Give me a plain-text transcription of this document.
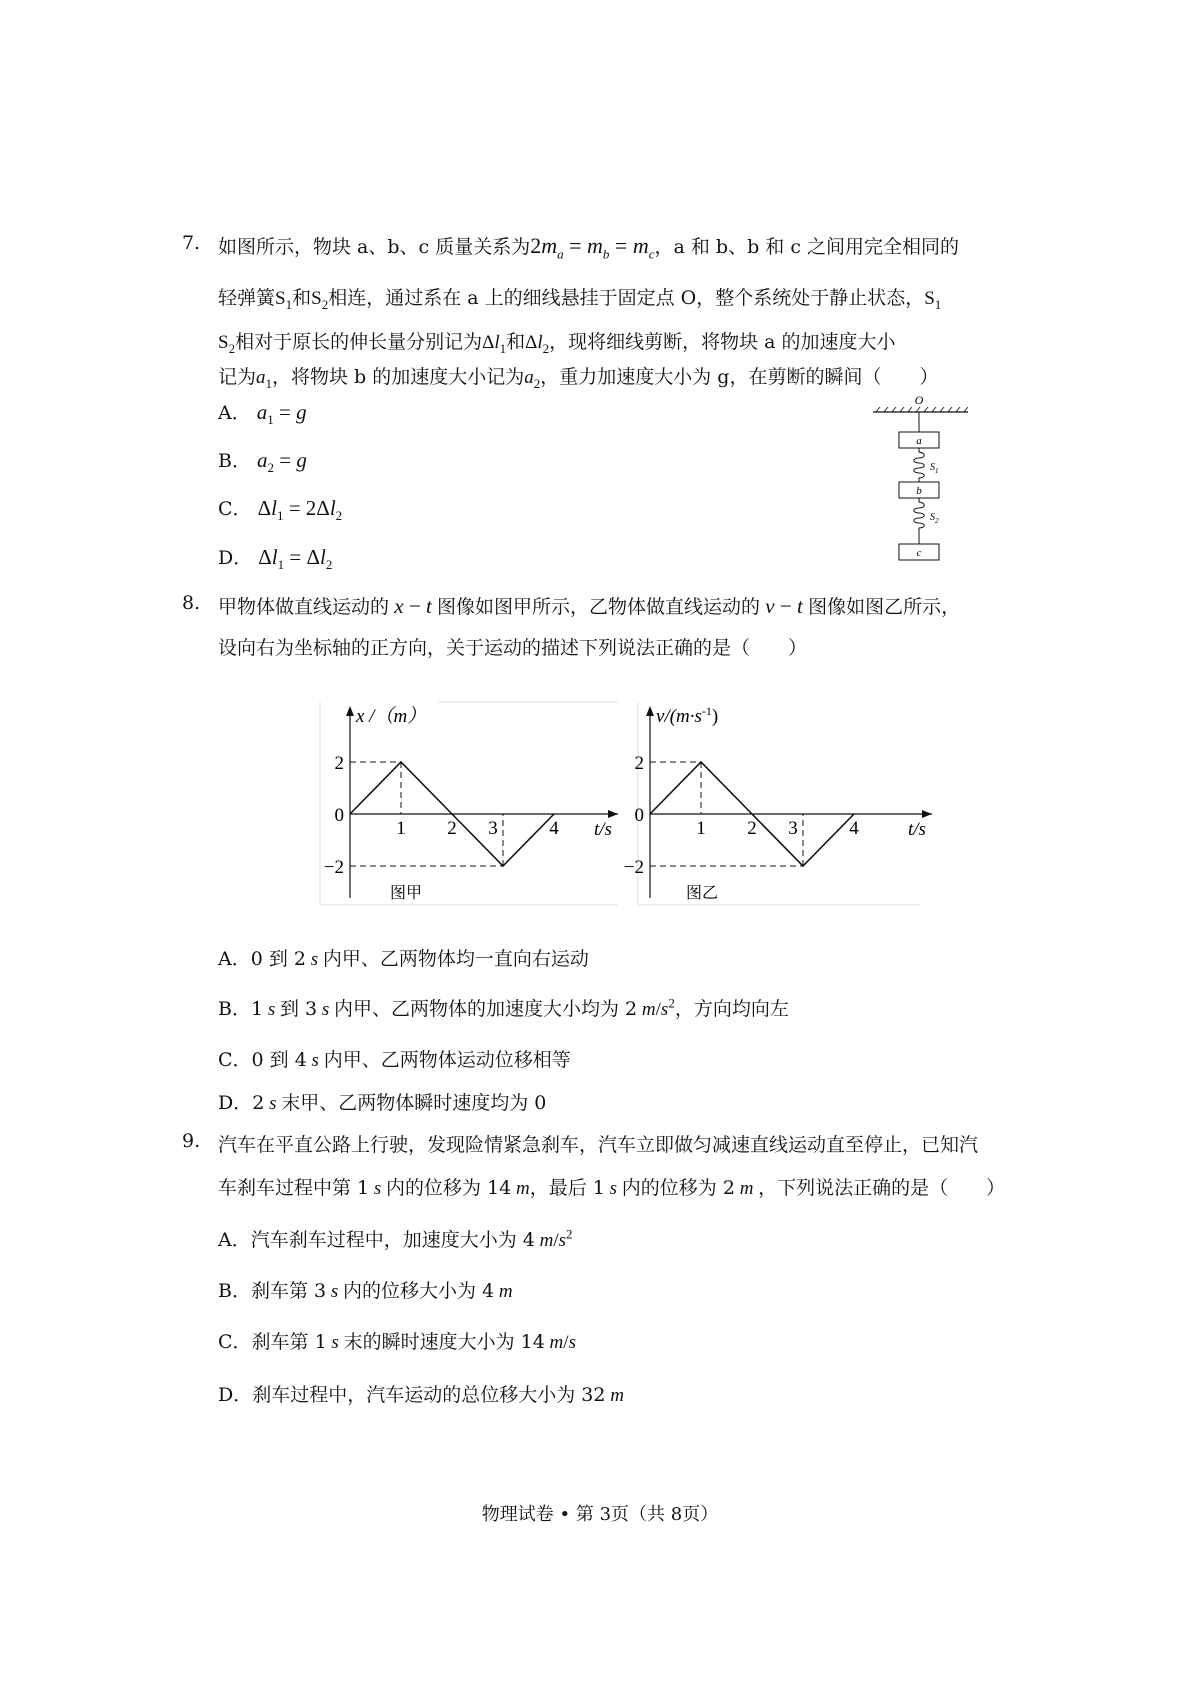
7. 如图所示，物块 a、b、c 质量关系为$2m_a = m_b = m_c$，a 和 b、b 和 c 之间用完全相同的
轻弹簧$S_1$和$S_2$相连，通过系在 a 上的细线悬挂于固定点 O，整个系统处于静止状态，$S_1$
$S_2$相对于原长的伸长量分别记为$\Delta l_1$和$\Delta l_2$，现将细线剪断，将物块 a 的加速度大小
记为$a_1$，将物块 b 的加速度大小记为$a_2$，重力加速度大小为 g，在剪断的瞬间（　　）
A． $a_1 = g$
B． $a_2 = g$
C． $\Delta l_1 = 2\Delta l_2$
D． $\Delta l_1 = \Delta l_2$
O
a
$S_1$
b
$S_2$
c
8. 甲物体做直线运动的 x − t 图像如图甲所示，乙物体做直线运动的 v − t 图像如图乙所示，
设向右为坐标轴的正方向，关于运动的描述下列说法正确的是（　　）
1 2 3	4
2
0
−2
x /（m）
t/s
图甲
1 2 3	4
2
0
−2
$v/(m\cdot s^{-1})$
t/s
图乙
A．0 到 2 s 内甲、乙两物体均一直向右运动
B．1 s 到 3 s 内甲、乙两物体的加速度大小均为 2 $m/s^2$，方向均向左
C．0 到 4 s 内甲、乙两物体运动位移相等
D．2 s 末甲、乙两物体瞬时速度均为 0
9. 汽车在平直公路上行驶，发现险情紧急刹车，汽车立即做匀减速直线运动直至停止，已知汽
车刹车过程中第 1 s 内的位移为 14 m，最后 1 s 内的位移为 2 m ，下列说法正确的是（　　）
A．汽车刹车过程中，加速度大小为 4 $m/s^2$
B．刹车第 3 s 内的位移大小为 4 m
C．刹车第 1 s 末的瞬时速度大小为 14 m/s
D．刹车过程中，汽车运动的总位移大小为 32 m
物理试卷 • 第 3页（共 8页）
